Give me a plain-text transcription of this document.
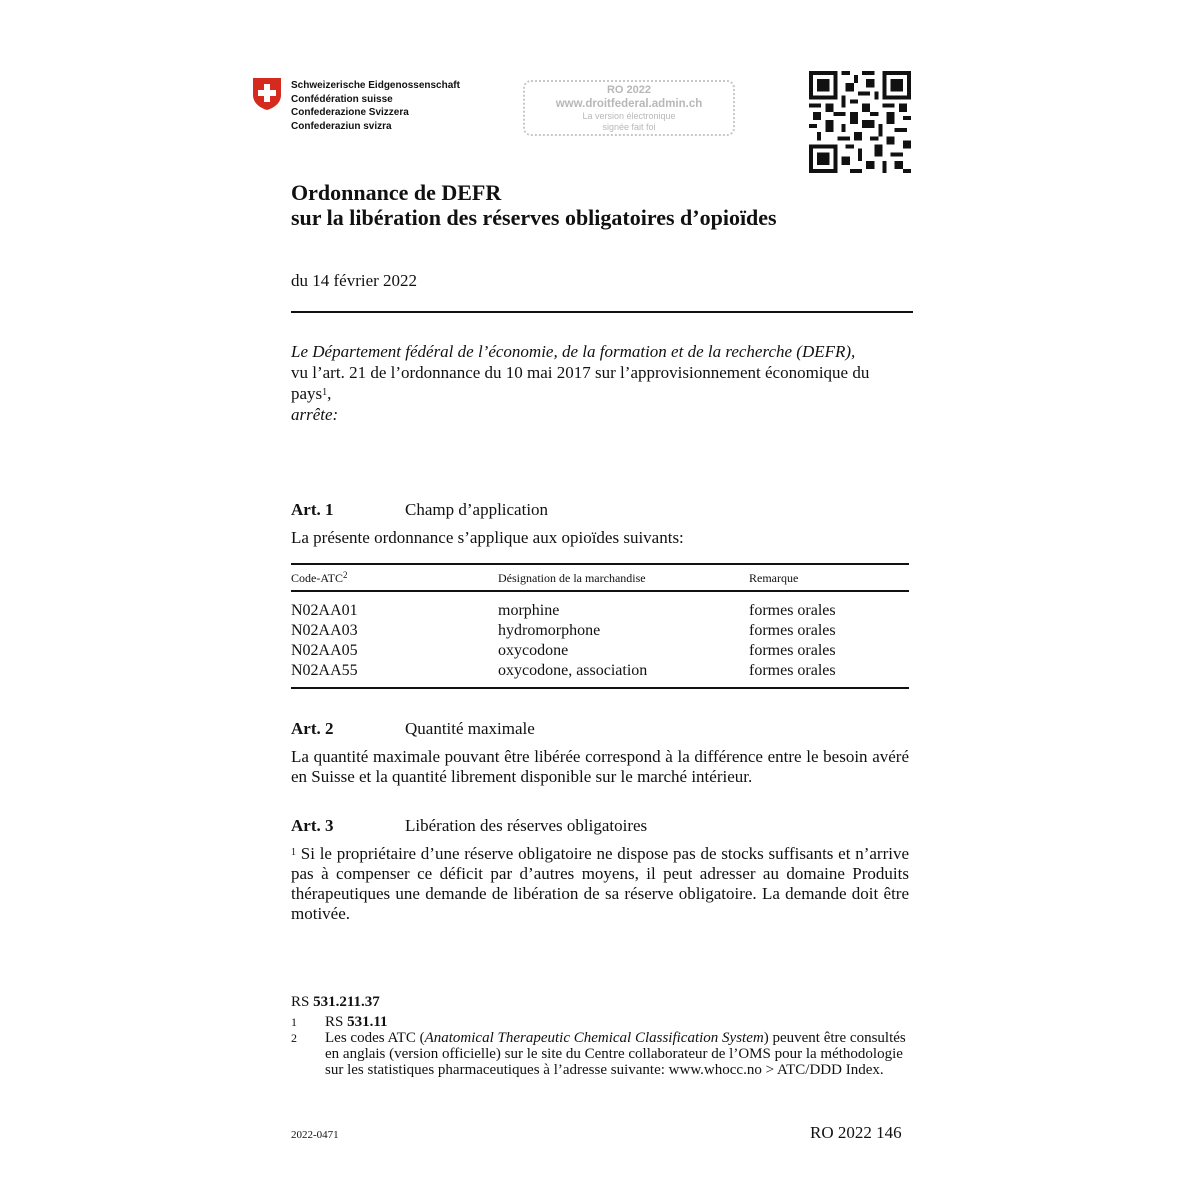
Schweizerische Eidgenossenschaft
Confédération suisse
Confederazione Svizzera
Confederaziun svizra
RO 2022
www.droitfederal.admin.ch
La version électronique
signée fait foi
Ordonnance de DEFR
sur la libération des réserves obligatoires d’opioïdes
du 14 février 2022
Le Département fédéral de l’économie, de la formation et de la recherche (DEFR),
vu l’art. 21 de l’ordonnance du 10 mai 2017 sur l’approvisionnement économique du pays$^1$,
arrête:
Art. 1	Champ d’application
La présente ordonnance s’applique aux opioïdes suivants:
Code-ATC$^2$	Désignation de la marchandise	Remarque
N02AA01	morphine	formes orales
N02AA03	hydromorphone	formes orales
N02AA05	oxycodone	formes orales
N02AA55	oxycodone, association	formes orales
Art. 2	Quantité maximale
La quantité maximale pouvant être libérée correspond à la différence entre le besoin avéré en Suisse et la quantité librement disponible sur le marché intérieur.
Art. 3	Libération des réserves obligatoires
$^1$ Si le propriétaire d’une réserve obligatoire ne dispose pas de stocks suffisants et n’arrive pas à compenser ce déficit par d’autres moyens, il peut adresser au domaine Produits thérapeutiques une demande de libération de sa réserve obligatoire. La demande doit être motivée.
RS 531.211.37
1	RS 531.11
2	Les codes ATC (Anatomical Therapeutic Chemical Classification System) peuvent être consultés en anglais (version officielle) sur le site du Centre collaborateur de l’OMS pour la méthodologie sur les statistiques pharmaceutiques à l’adresse suivante: www.whocc.no > ATC/DDD Index.
2022-0471	RO 2022 146
